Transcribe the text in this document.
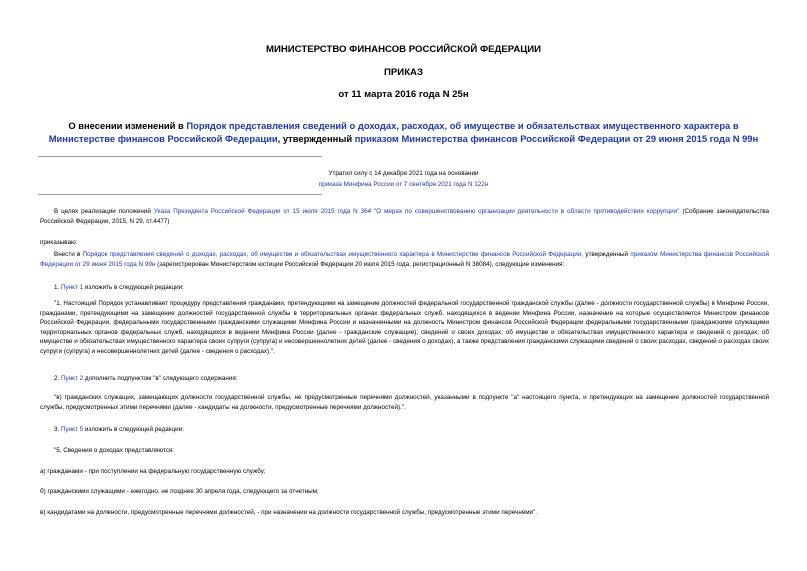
МИНИСТЕРСТВО ФИНАНСОВ РОССИЙСКОЙ ФЕДЕРАЦИИ
ПРИКАЗ
от 11 марта 2016 года N 25н
О внесении изменений в Порядок представления сведений о доходах, расходах, об имуществе и обязательствах имущественного характера в Министерстве финансов Российской Федерации, утвержденный приказом Министерства финансов Российской Федерации от 29 июня 2015 года N 99н
Утратил силу с 14 декабря 2021 года на основании
приказа Минфина России от 7 сентября 2021 года N 122н
В целях реализации положений Указа Президента Российской Федерации от 15 июля 2015 года N 364 "О мерах по совершенствованию организации деятельности в области противодействия коррупции" (Собрание законодательства Российской Федерации, 2015, N 29, ст.4477)
приказываю:
Внести в Порядок представления сведений о доходах, расходах, об имуществе и обязательствах имущественного характера в Министерстве финансов Российской Федерации, утвержденный приказом Министерства финансов Российской Федерации от 29 июня 2015 года N 99н (зарегистрирован Министерством юстиции Российской Федерации 20 июля 2015 года, регистрационный N 38084), следующие изменения:
1. Пункт 1 изложить в следующей редакции:
"1. Настоящий Порядок устанавливает процедуру представления гражданами, претендующими на замещение должностей федеральной государственной гражданской службы (далее - должности государственной службы) в Минфине России, гражданами, претендующими на замещение должностей государственной службы в территориальных органах федеральных служб, находящихся в ведении Минфина России, назначение на которые осуществляется Министром финансов Российской Федерации, федеральными государственными гражданскими служащими Минфина России и назначенными на должность Министром финансов Российской Федерации федеральными государственными гражданскими служащими территориальных органов федеральных служб, находящихся в ведении Минфина России (далее - гражданские служащие), сведений о своих доходах, об имуществе и обязательствах имущественного характера и сведений о доходах, об имуществе и обязательствах имущественного характера своих супруги (супруга) и несовершеннолетних детей (далее - сведения о доходах), а также представления гражданскими служащими сведений о своих расходах, сведений о расходах своих супруги (супруга) и несовершеннолетних детей (далее - сведения о расходах).".
2. Пункт 2 дополнить подпунктом "в" следующего содержания:
"в) гражданских служащих, замещающих должности государственной службы, не предусмотренные перечнями должностей, указанными в подпункте "а" настоящего пункта, и претендующих на замещение должностей государственной службы, предусмотренных этими перечнями (далее - кандидаты на должности, предусмотренные перечнями должностей).".
3. Пункт 5 изложить в следующей редакции:
"5. Сведения о доходах представляются:
а) гражданами - при поступлении на федеральную государственную службу;
б) гражданскими служащими - ежегодно, не позднее 30 апреля года, следующего за отчетным;
в) кандидатами на должности, предусмотренные перечнями должностей, - при назначении на должности государственной службы, предусмотренные этими перечнями".
